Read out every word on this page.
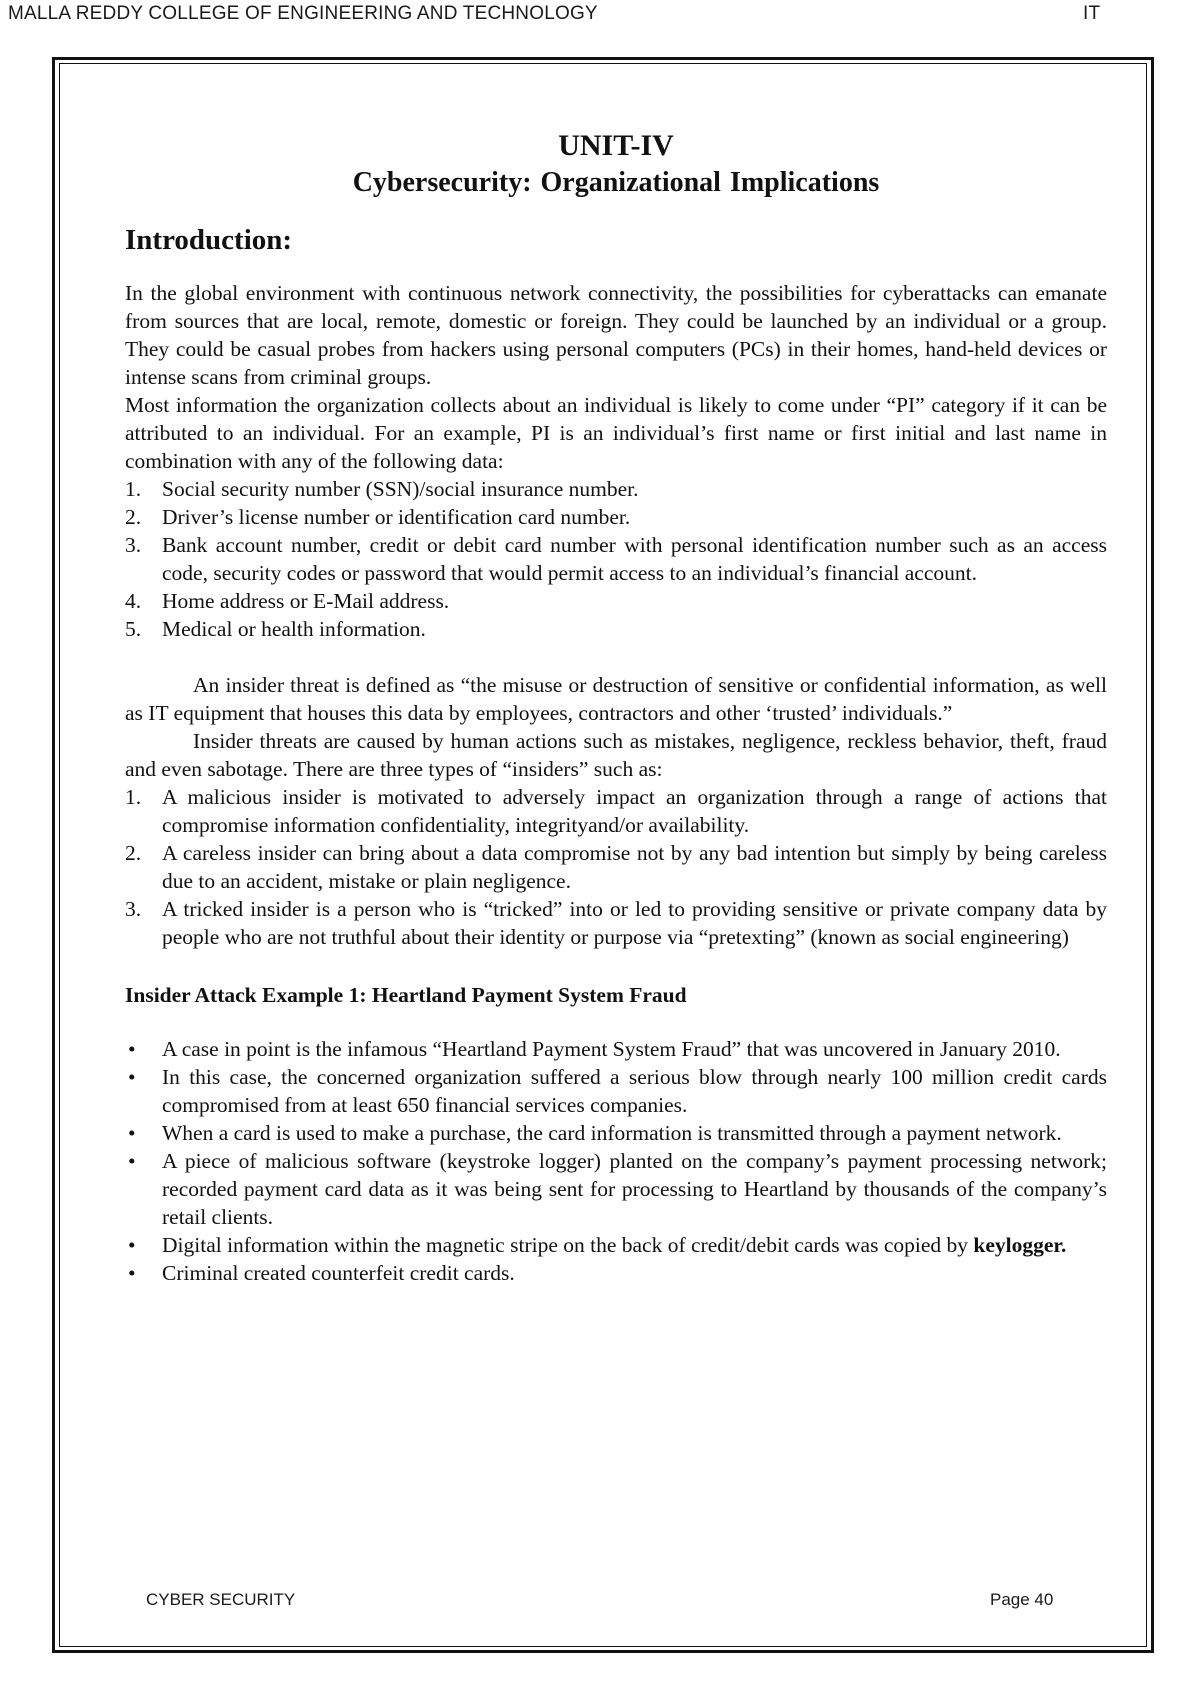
MALLA REDDY COLLEGE OF ENGINEERING AND TECHNOLOGY	IT
UNIT-IV
Cybersecurity: Organizational Implications
Introduction:

In the global environment with continuous network connectivity, the possibilities for cyberattacks can emanate from sources that are local, remote, domestic or foreign. They could be launched by an individual or a group. They could be casual probes from hackers using personal computers (PCs) in their homes, hand-held devices or intense scans from criminal groups.

Most information the organization collects about an individual is likely to come under “PI” category if it can be attributed to an individual. For an example, PI is an individual’s first name or first initial and last name in combination with any of the following data:

1. Social security number (SSN)/social insurance number.
2. Driver’s license number or identification card number.
3. Bank account number, credit or debit card number with personal identification number such as an access code, security codes or password that would permit access to an individual’s financial account.
4. Home address or E-Mail address.
5. Medical or health information.

An insider threat is defined as “the misuse or destruction of sensitive or confidential information, as well as IT equipment that houses this data by employees, contractors and other ‘trusted’ individuals.”

Insider threats are caused by human actions such as mistakes, negligence, reckless behavior, theft, fraud and even sabotage. There are three types of “insiders” such as:

1. A malicious insider is motivated to adversely impact an organization through a range of actions that compromise information confidentiality, integrityand/or availability.
2. A careless insider can bring about a data compromise not by any bad intention but simply by being careless due to an accident, mistake or plain negligence.
3. A tricked insider is a person who is “tricked” into or led to providing sensitive or private company data by people who are not truthful about their identity or purpose via “pretexting” (known as social engineering)
Insider Attack Example 1: Heartland Payment System Fraud
• A case in point is the infamous “Heartland Payment System Fraud” that was uncovered in January 2010.
• In this case, the concerned organization suffered a serious blow through nearly 100 million credit cards compromised from at least 650 financial services companies.
• When a card is used to make a purchase, the card information is transmitted through a payment network.
• A piece of malicious software (keystroke logger) planted on the company’s payment processing network; recorded payment card data as it was being sent for processing to Heartland by thousands of the company’s retail clients.
• Digital information within the magnetic stripe on the back of credit/debit cards was copied by keylogger.
• Criminal created counterfeit credit cards.
CYBER SECURITY	Page 40
